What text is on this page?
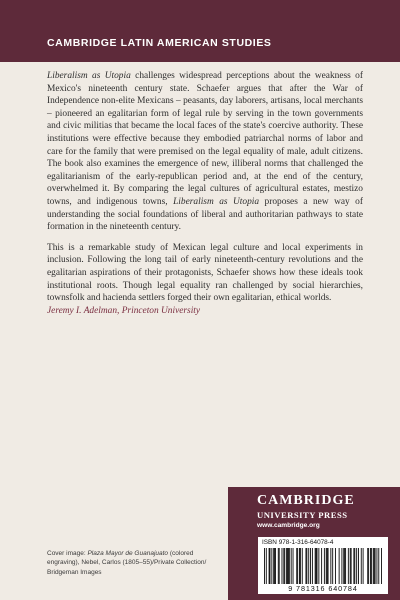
CAMBRIDGE LATIN AMERICAN STUDIES

Liberalism as Utopia challenges widespread perceptions about the weakness of Mexico's nineteenth century state. Schaefer argues that after the War of Independence non-elite Mexicans – peasants, day laborers, artisans, local merchants – pioneered an egalitarian form of legal rule by serving in the town governments and civic militias that became the local faces of the state's coercive authority. These institutions were effective because they embodied patriarchal norms of labor and care for the family that were premised on the legal equality of male, adult citizens. The book also examines the emergence of new, illiberal norms that challenged the egalitarianism of the early-republican period and, at the end of the century, overwhelmed it. By comparing the legal cultures of agricultural estates, mestizo towns, and indigenous towns, Liberalism as Utopia proposes a new way of understanding the social foundations of liberal and authoritarian pathways to state formation in the nineteenth century.

This is a remarkable study of Mexican legal culture and local experiments in inclusion. Following the long tail of early nineteenth-century revolutions and the egalitarian aspirations of their protagonists, Schaefer shows how these ideals took institutional roots. Though legal equality ran challenged by social hierarchies, townsfolk and hacienda settlers forged their own egalitarian, ethical worlds.
Jeremy I. Adelman, Princeton University

Cover image: Plaza Mayor de Guanajuato (colored engraving), Nebel, Carlos (1805–55)/Private Collection/ Bridgeman Images
CAMBRIDGE
UNIVERSITY PRESS
www.cambridge.org
ISBN 978-1-316-64078-4
9 781316 640784
